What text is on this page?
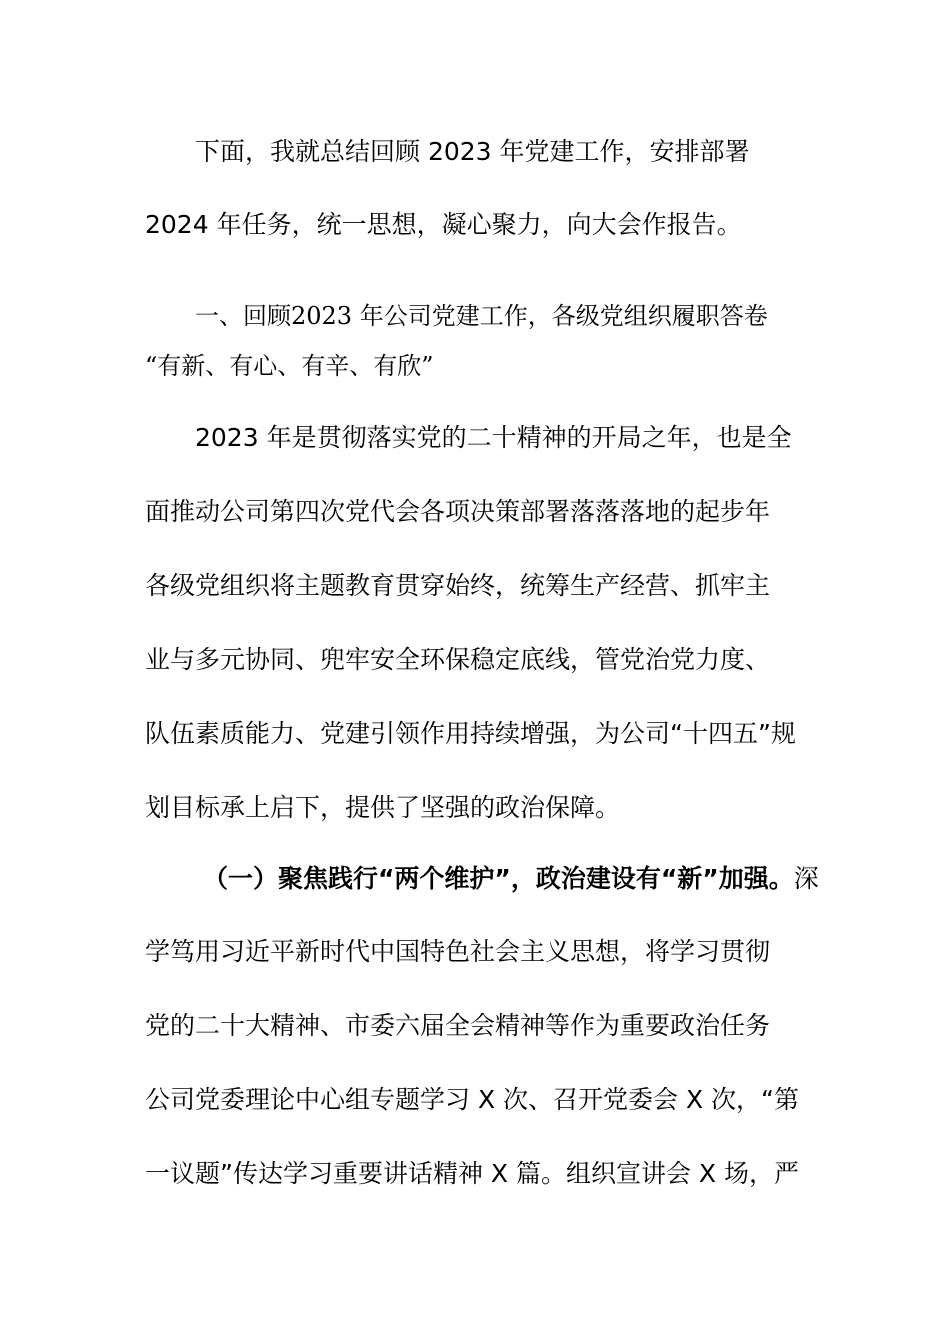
下面，我就总结回顾 2023 年党建工作，安排部署
2024 年任务，统一思想，凝心聚力，向大会作报告。
一、回顾2023 年公司党建工作，各级党组织履职答卷
“有新、有心、有辛、有欣”
2023 年是贯彻落实党的二十精神的开局之年，也是全
面推动公司第四次党代会各项决策部署落落落地的起步年
各级党组织将主题教育贯穿始终，统筹生产经营、抓牢主
业与多元协同、兜牢安全环保稳定底线，管党治党力度、
队伍素质能力、党建引领作用持续增强，为公司“十四五”规
划目标承上启下，提供了坚强的政治保障。
（一）聚焦践行“两个维护”，政治建设有“新”加强。深
学笃用习近平新时代中国特色社会主义思想，将学习贯彻
党的二十大精神、市委六届全会精神等作为重要政治任务
公司党委理论中心组专题学习 X 次、召开党委会 X 次，“第
一议题”传达学习重要讲话精神 X 篇。组织宣讲会 X 场，严
